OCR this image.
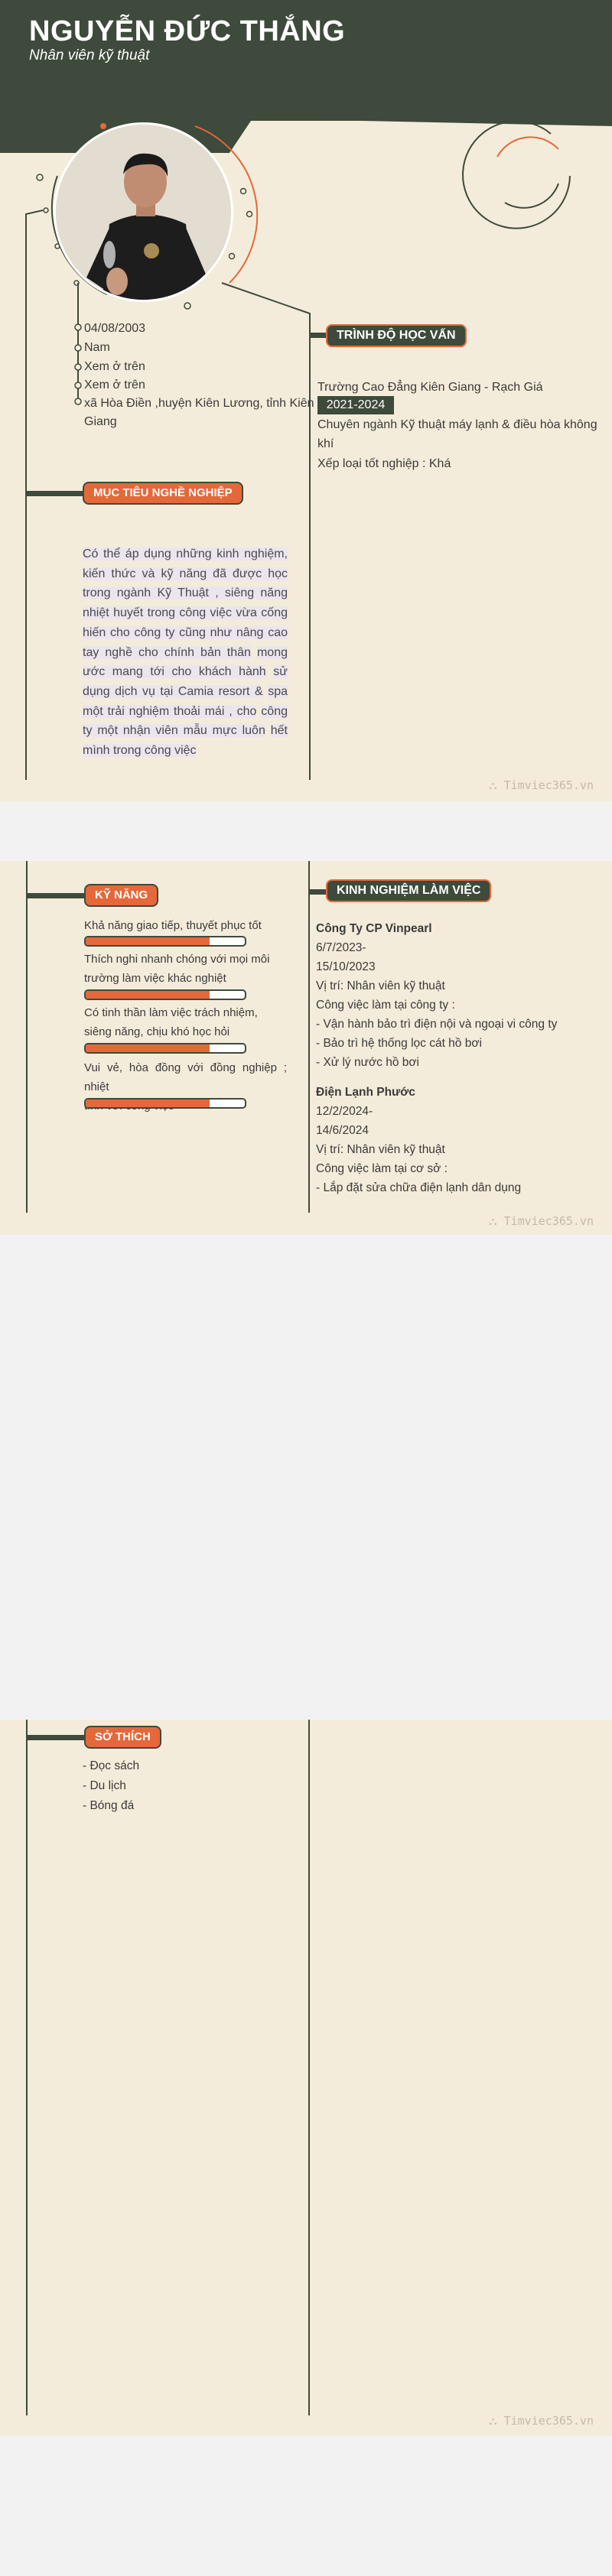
NGUYỄN ĐỨC THẮNG
Nhân viên kỹ thuật
04/08/2003
Nam
Xem ở trên
Xem ở trên
xã Hòa Điền ,huyện Kiên Lương, tỉnh Kiên
Giang
MỤC TIÊU NGHỀ NGHIỆP
Có thể áp dụng những kinh nghiệm, kiến thức và kỹ năng đã được học trong ngành Kỹ Thuật , siêng năng nhiệt huyết trong công việc vừa cống hiến cho công ty cũng như nâng cao tay nghề cho chính bản thân mong ước mang tới cho khách hành sử dụng dịch vụ tại Camia resort & spa một trải nghiệm thoải mái , cho công ty một nhận viên mẫu mực luôn hết mình trong công việc
TRÌNH ĐỘ HỌC VẤN
Trường Cao Đẳng Kiên Giang - Rạch Giá
2021-2024
Chuyên ngành Kỹ thuật máy lạnh & điều hòa không
khí
Xếp loại tốt nghiệp : Khá
⛬ Timviec365.vn
KỸ NĂNG
Khả năng giao tiếp, thuyết phục tốt
Thích nghi nhanh chóng với mọi môi
trường làm việc khác nghiệt
Có tinh thần làm việc trách nhiệm,
siêng năng, chịu khó học hỏi
Vui vẻ, hòa đồng với đồng nghiệp ; nhiệt
KINH NGHIỆM LÀM VIỆC
Công Ty CP Vinpearl
6/7/2023-
15/10/2023
Vị trí: Nhân viên kỹ thuật
Công việc làm tại công ty :
- Vận hành bảo trì điện nội và ngoại vi công ty
- Bảo trì hệ thống lọc cát hồ bơi
- Xử lý nước hồ bơi
Điện Lạnh Phước
12/2/2024-
14/6/2024
Vị trí: Nhân viên kỹ thuật
Công việc làm tại cơ sở :
- Lắp đặt sửa chữa điện lạnh dân dụng
⛬ Timviec365.vn
SỞ THÍCH
- Đọc sách
- Du lịch
- Bóng đá
⛬ Timviec365.vn
